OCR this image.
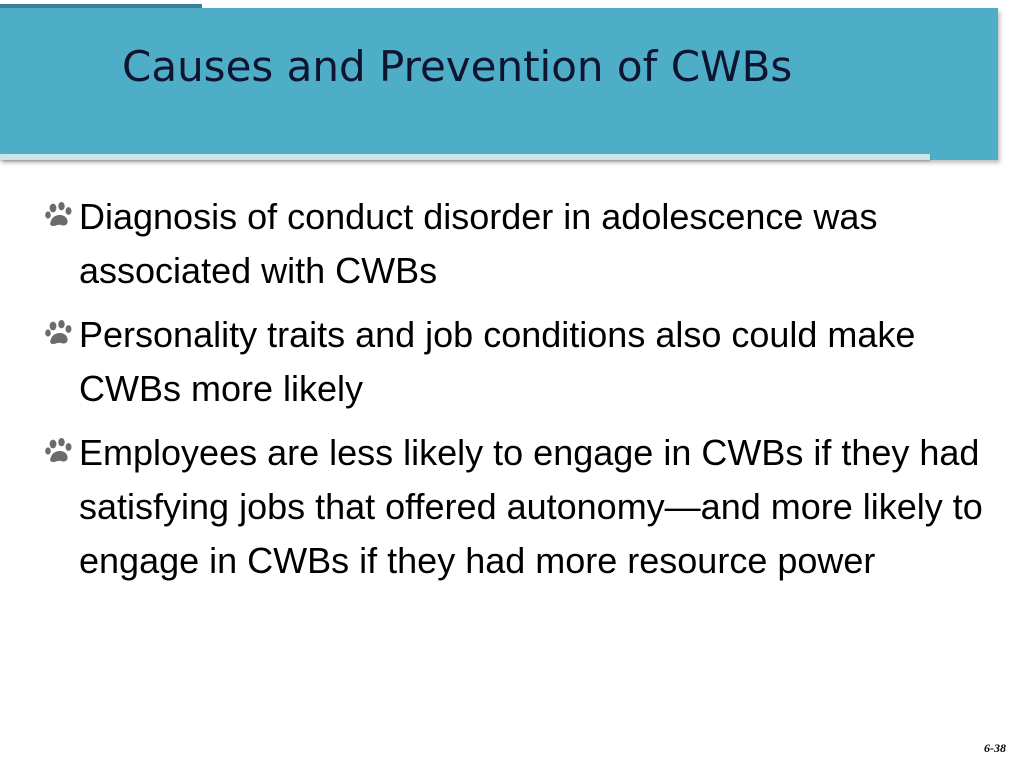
Causes and Prevention of CWBs
Diagnosis of conduct disorder in adolescence was associated with CWBs
Personality traits and job conditions also could make CWBs more likely
Employees are less likely to engage in CWBs if they had satisfying jobs that offered autonomy—and more likely to engage in CWBs if they had more resource power
6-38
